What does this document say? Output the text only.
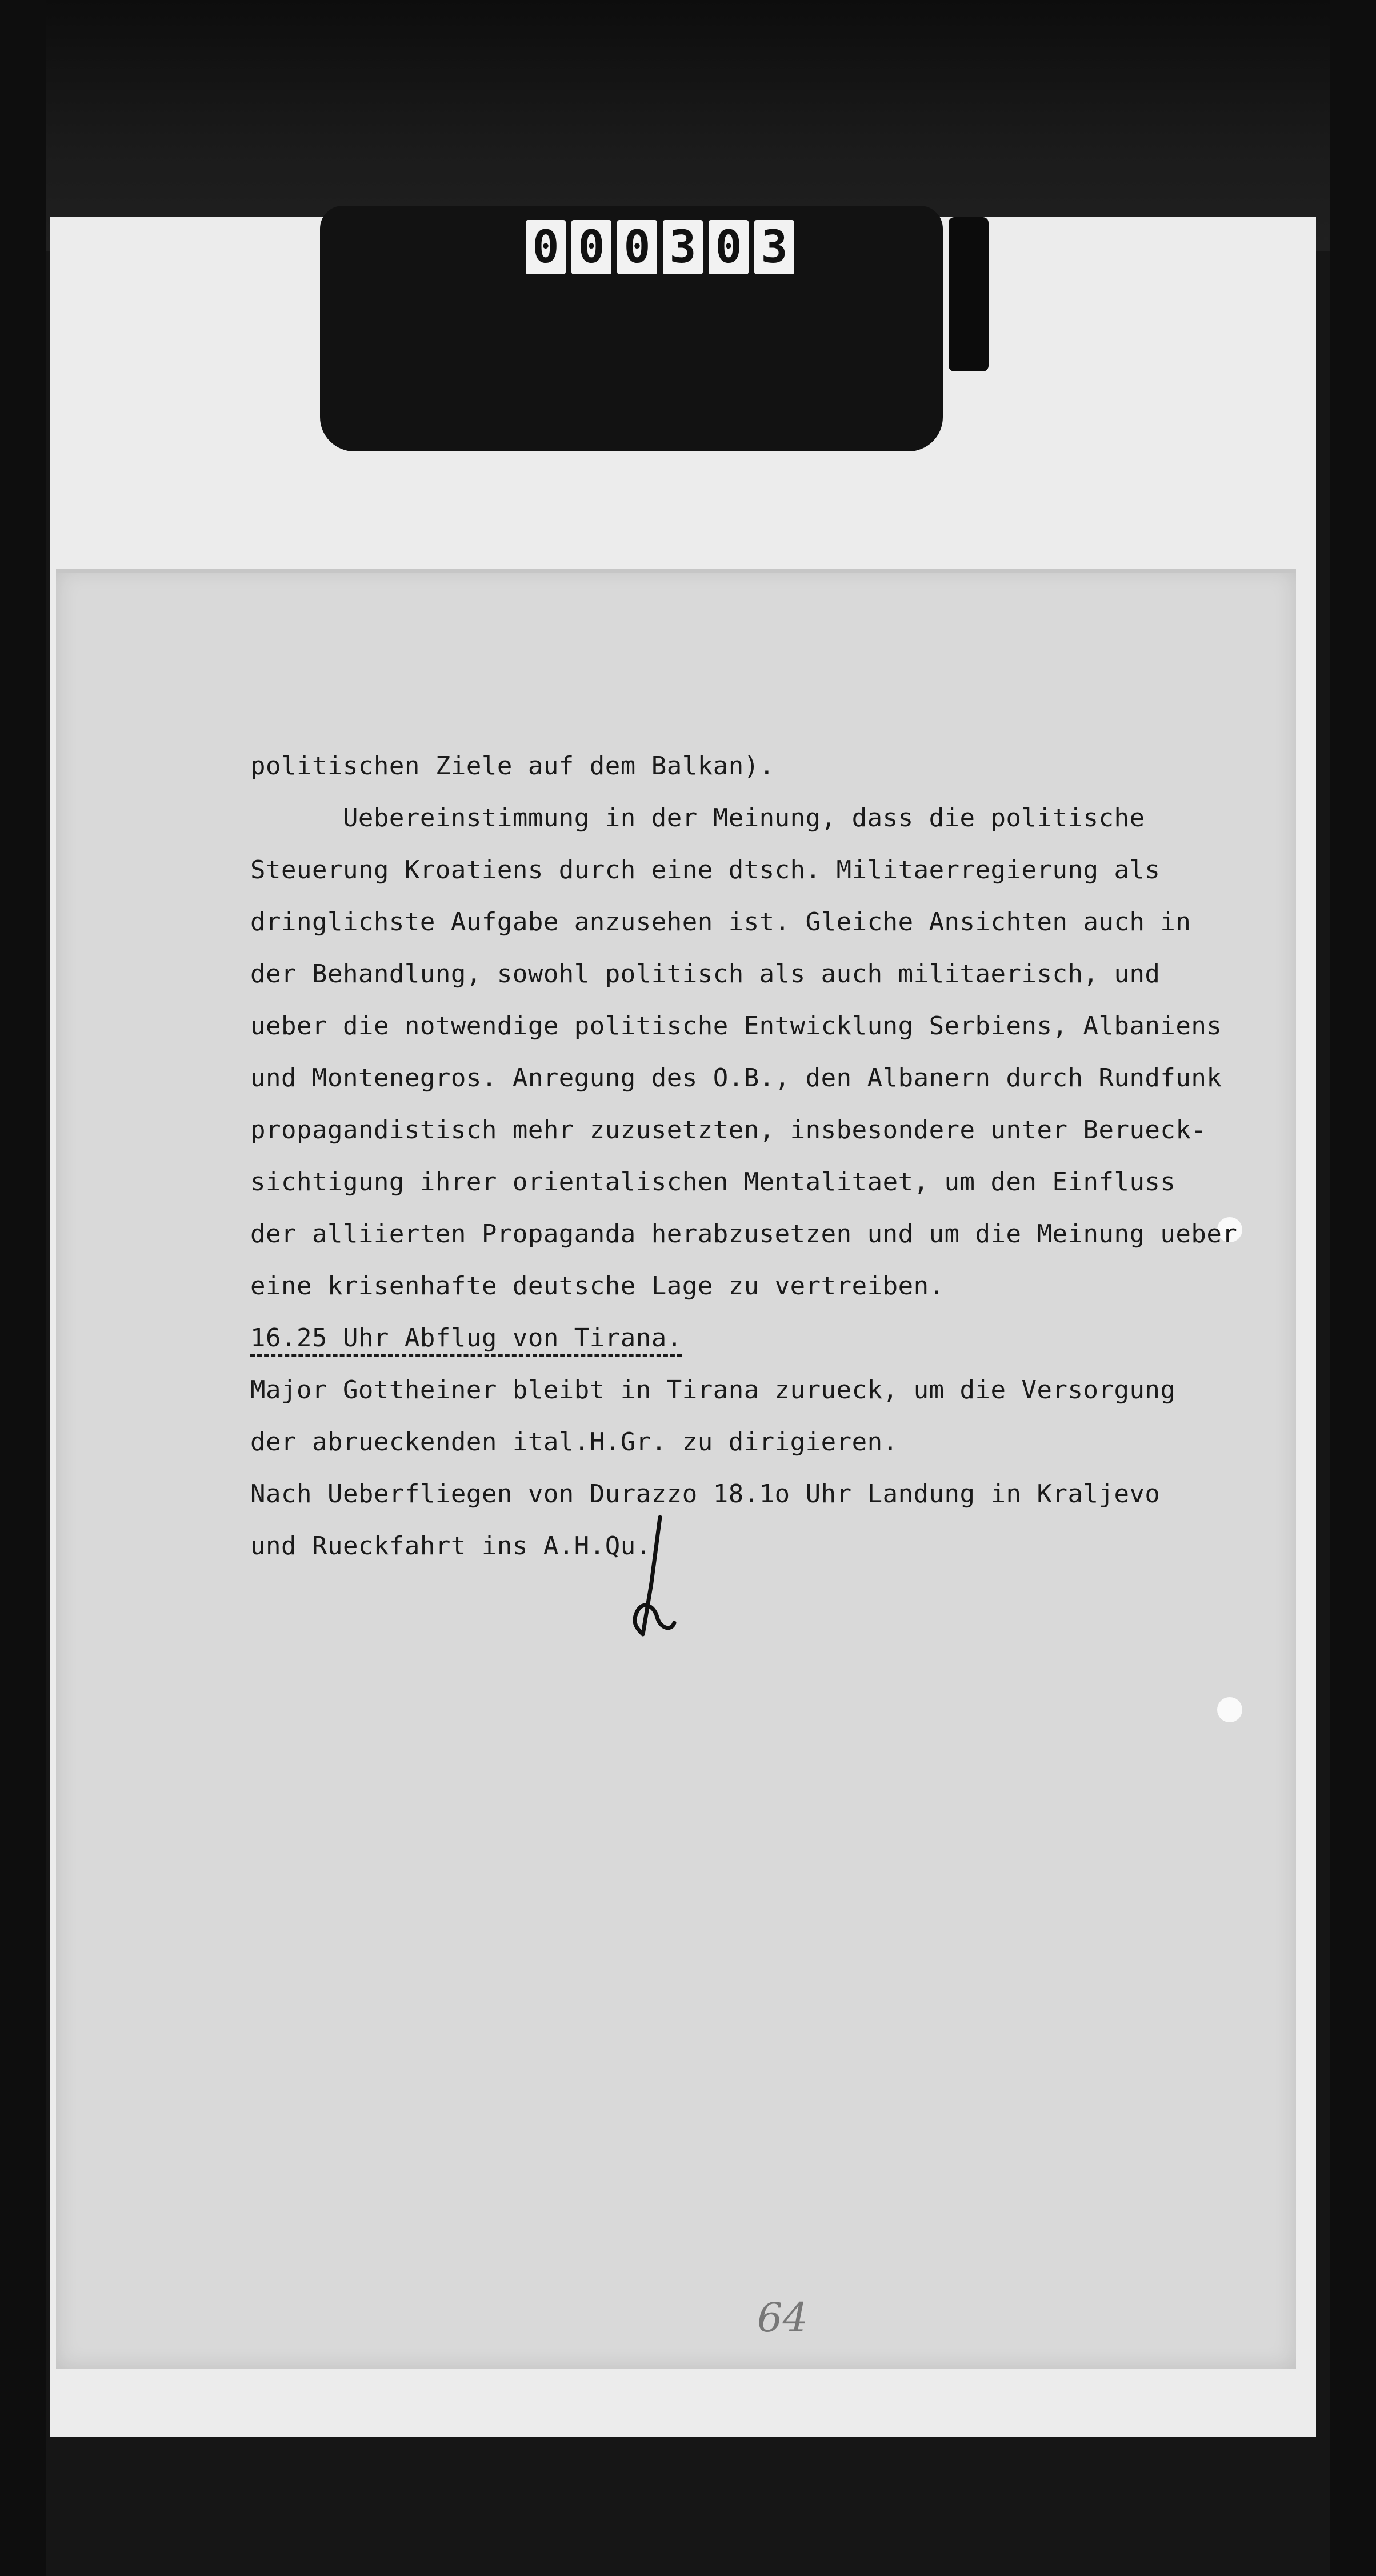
0 0 0 3 0 3
politischen Ziele auf dem Balkan).
Uebereinstimmung in der Meinung, dass die politische
Steuerung Kroatiens durch eine dtsch. Militaerregierung als
dringlichste Aufgabe anzusehen ist. Gleiche Ansichten auch in
der Behandlung, sowohl politisch als auch militaerisch, und
ueber die notwendige politische Entwicklung Serbiens, Albaniens
und Montenegros. Anregung des O.B., den Albanern durch Rundfunk
propagandistisch mehr zuzusetzten, insbesondere unter Berueck-
sichtigung ihrer orientalischen Mentalitaet, um den Einfluss
der alliierten Propaganda herabzusetzen und um die Meinung ueber
eine krisenhafte deutsche Lage zu vertreiben.
16.25 Uhr Abflug von Tirana.
Major Gottheiner bleibt in Tirana zurueck, um die Versorgung
der abrueckenden ital.H.Gr. zu dirigieren.
Nach Ueberfliegen von Durazzo 18.1o Uhr Landung in Kraljevo
und Rueckfahrt ins A.H.Qu.
64
